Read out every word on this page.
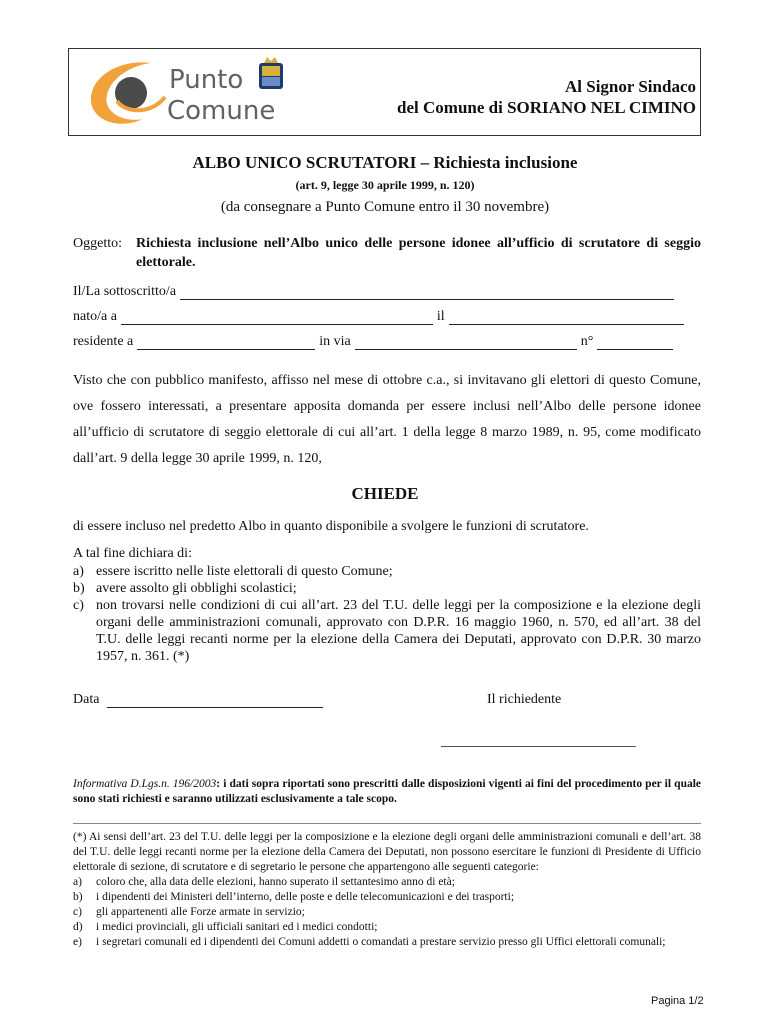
Punto
Comune
Al Signor Sindaco
del Comune di SORIANO NEL CIMINO
ALBO UNICO SCRUTATORI – Richiesta inclusione
(art. 9, legge 30 aprile 1999, n. 120)
(da consegnare a Punto Comune entro il 30 novembre)
Oggetto: Richiesta inclusione nell’Albo unico delle persone idonee all’ufficio di scrutatore di seggio elettorale.
Il/La sottoscritto/a
nato/a a	il
residente a	in via	n°
Visto che con pubblico manifesto, affisso nel mese di ottobre c.a., si invitavano gli elettori di questo Comune, ove fossero interessati, a presentare apposita domanda per essere inclusi nell’Albo delle persone idonee all’ufficio di scrutatore di seggio elettorale di cui all’art. 1 della legge 8 marzo 1989, n. 95, come modificato dall’art. 9 della legge 30 aprile 1999, n. 120,
CHIEDE
di essere incluso nel predetto Albo in quanto disponibile a svolgere le funzioni di scrutatore.
A tal fine dichiara di:
a) essere iscritto nelle liste elettorali di questo Comune;
b) avere assolto gli obblighi scolastici;
c) non trovarsi nelle condizioni di cui all’art. 23 del T.U. delle leggi per la composizione e la elezione degli organi delle amministrazioni comunali, approvato con D.P.R. 16 maggio 1960, n. 570, ed all’art. 38 del T.U. delle leggi recanti norme per la elezione della Camera dei Deputati, approvato con D.P.R. 30 marzo 1957, n. 361. (*)
Data	Il richiedente
Informativa D.Lgs.n. 196/2003: i dati sopra riportati sono prescritti dalle disposizioni vigenti ai fini del procedimento per il quale sono stati richiesti e saranno utilizzati esclusivamente a tale scopo.
(*) Ai sensi dell’art. 23 del T.U. delle leggi per la composizione e la elezione degli organi delle amministrazioni comunali e dell’art. 38 del T.U. delle leggi recanti norme per la elezione della Camera dei Deputati, non possono esercitare le funzioni di Presidente di Ufficio elettorale di sezione, di scrutatore e di segretario le persone che appartengono alle seguenti categorie:
a) coloro che, alla data delle elezioni, hanno superato il settantesimo anno di età;
b) i dipendenti dei Ministeri dell’interno, delle poste e delle telecomunicazioni e dei trasporti;
c) gli appartenenti alle Forze armate in servizio;
d) i medici provinciali, gli ufficiali sanitari ed i medici condotti;
e) i segretari comunali ed i dipendenti dei Comuni addetti o comandati a prestare servizio presso gli Uffici elettorali comunali;
Pagina 1/2
